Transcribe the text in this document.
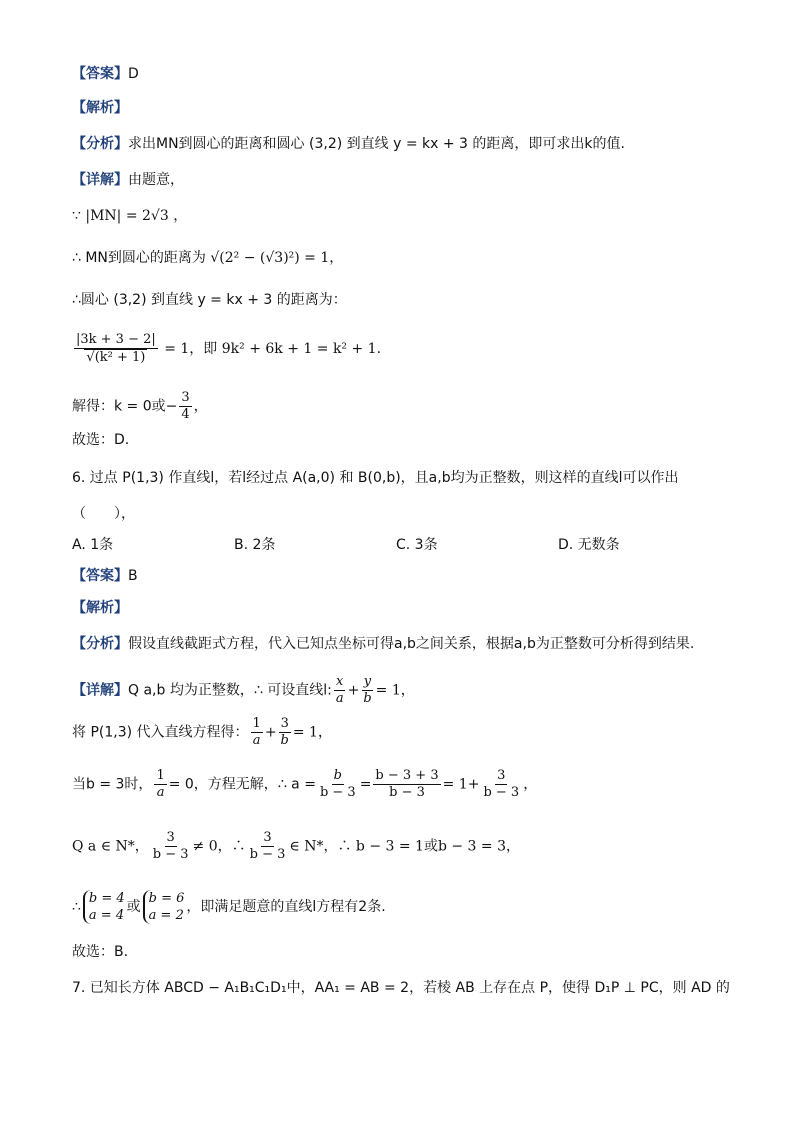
【答案】D
【解析】
【分析】求出MN到圆心的距离和圆心 (3,2) 到直线 y = kx + 3 的距离，即可求出k的值.
【详解】由题意，
∵ |MN| = 2√3 ，
∴ MN到圆心的距离为 √(2² − (√3)²) = 1，
∴圆心 (3,2) 到直线 y = kx + 3 的距离为：
$\frac{|3k + 3 - 2|}{\text{√(k² + 1)}} = 1$，即 9k² + 6k + 1 = k² + 1.
解得：k = 0或− $\frac{3}{4}$ ，
故选：D.
6. 过点 P(1,3) 作直线l，若l经过点 A(a,0) 和 B(0,b)，且a,b均为正整数，则这样的直线l可以作出
（　　），
A. 1条	B. 2条	C. 3条	D. 无数条
【答案】B
【解析】
【分析】假设直线截距式方程，代入已知点坐标可得a,b之间关系，根据a,b为正整数可分析得到结果.
【详解】Q a,b 均为正整数，∴ 可设直线l: $\frac{x}{a} + \frac{y}{b} = 1$，
将 P(1,3) 代入直线方程得： $\frac{1}{a} + \frac{3}{b} = 1$，
当b = 3时， $\frac{1}{a} = 0$，方程无解，∴ $a = \frac{b}{b - 3} = \frac{b - 3 + 3}{b - 3} = 1+ \frac{3}{b - 3}$ ，
Q a ∈ N*， $\frac{3}{b - 3} \ne 0$，∴ $\frac{3}{b - 3}$ ∈ N*，∴ b − 3 = 1或b − 3 = 3，
∴
b = 4
a = 4
或
b = 6
a = 2
，即满足题意的直线l方程有2条.
故选：B.
7. 已知长方体 ABCD − A₁B₁C₁D₁中，AA₁ = AB = 2，若棱 AB 上存在点 P，使得 D₁P ⊥ PC，则 AD 的
